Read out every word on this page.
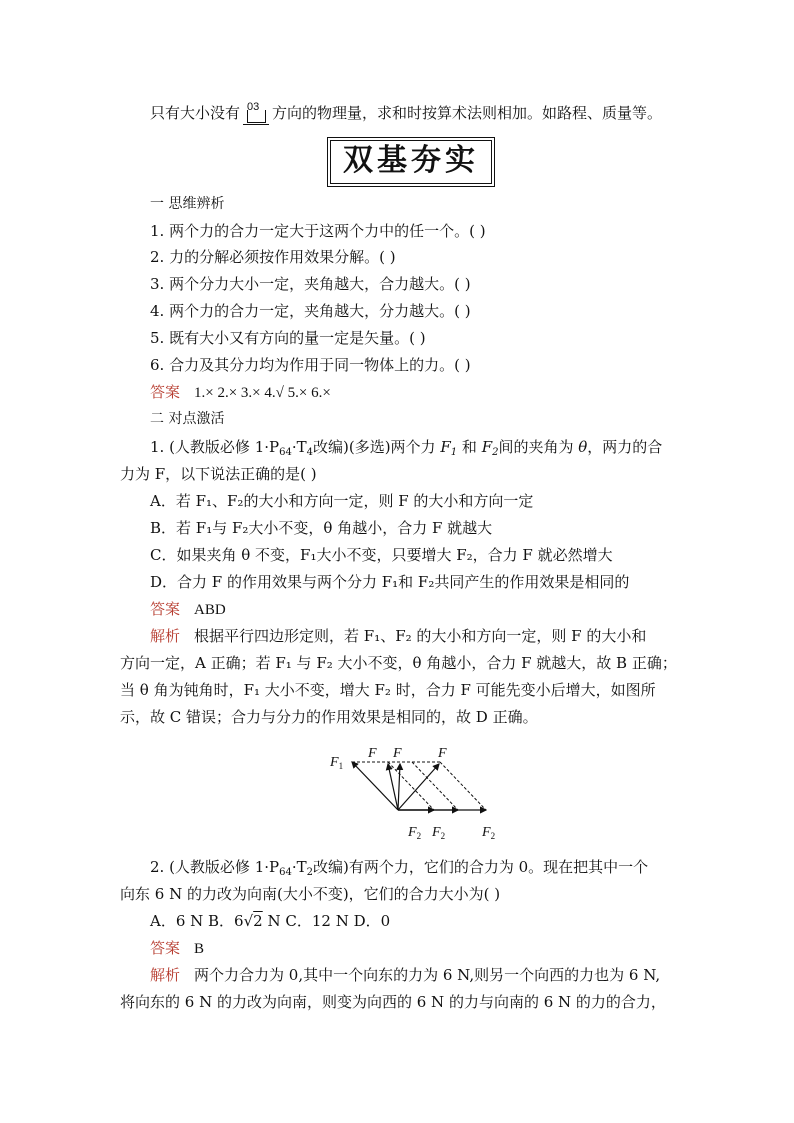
只有大小没有 03 方向的物理量，求和时按算术法则相加。如路程、质量等。
双基夯实
一 思维辨析
1. 两个力的合力一定大于这两个力中的任一个。( )
2. 力的分解必须按作用效果分解。( )
3. 两个分力大小一定，夹角越大，合力越大。( )
4. 两个力的合力一定，夹角越大，分力越大。( )
5. 既有大小又有方向的量一定是矢量。( )
6. 合力及其分力均为作用于同一物体上的力。( )
答案 1.× 2.× 3.× 4.√ 5.× 6.×
二 对点激活
1. (人教版必修 $1\cdot P_{64}\cdot T_4$改编)(多选)两个力 $F_1$ 和 $F_2$间的夹角为 θ，两力的合
力为 F，以下说法正确的是( )
A．若 F₁、F₂的大小和方向一定，则 F 的大小和方向一定
B．若 F₁与 F₂大小不变，θ 角越小，合力 F 就越大
C．如果夹角 θ 不变，F₁大小不变，只要增大 F₂，合力 F 就必然增大
D．合力 F 的作用效果与两个分力 F₁和 F₂共同产生的作用效果是相同的
答案 ABD
解析 根据平行四边形定则，若 F₁、F₂ 的大小和方向一定，则 F 的大小和
方向一定，A 正确；若 F₁ 与 F₂ 大小不变，θ 角越小，合力 F 就越大，故 B 正确；
当 θ 角为钝角时，F₁ 大小不变，增大 F₂ 时，合力 F 可能先变小后增大，如图所
示，故 C 错误；合力与分力的作用效果是相同的，故 D 正确。
$F_1$
F F	F
$F_2$ $F_2$	$F_2$
2. (人教版必修 $1\cdot P_{64}\cdot T_2$改编)有两个力，它们的合力为 0。现在把其中一个
向东 6 N 的力改为向南(大小不变)，它们的合力大小为( )
A．6 N B．6√2 N C．12 N D．0
答案 B
解析 两个力合力为 0,其中一个向东的力为 6 N,则另一个向西的力也为 6 N,
将向东的 6 N 的力改为向南，则变为向西的 6 N 的力与向南的 6 N 的力的合力，
